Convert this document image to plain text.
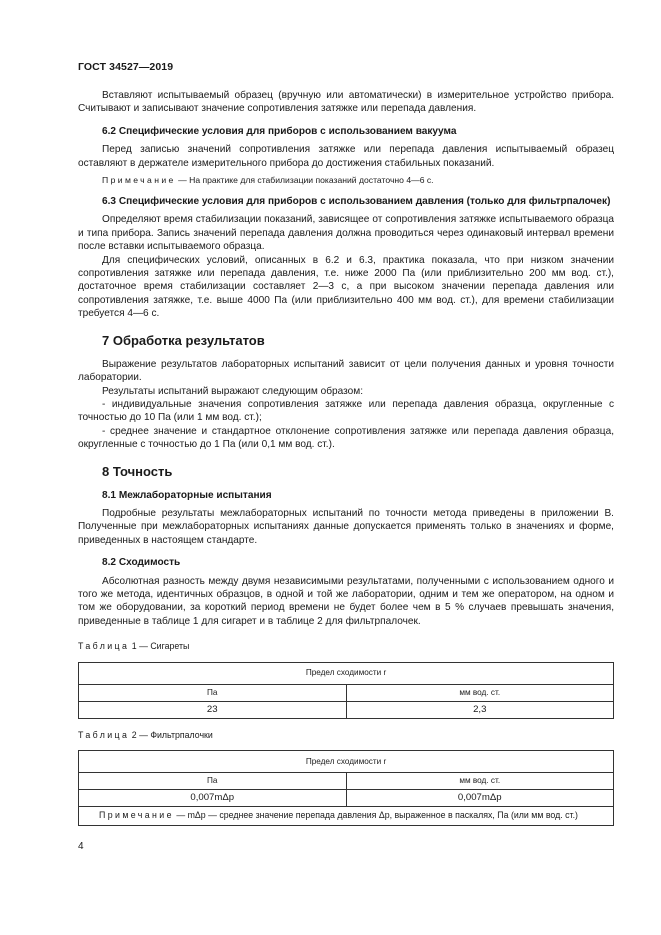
ГОСТ 34527—2019

Вставляют испытываемый образец (вручную или автоматически) в измерительное устройство прибора. Считывают и записывают значение сопротивления затяжке или перепада давления.

6.2 Специфические условия для приборов с использованием вакуума

Перед записью значений сопротивления затяжке или перепада давления испытываемый образец оставляют в держателе измерительного прибора до достижения стабильных показаний.

Примечание — На практике для стабилизации показаний достаточно 4—6 с.

6.3 Специфические условия для приборов с использованием давления (только для фильтрпалочек)

Определяют время стабилизации показаний, зависящее от сопротивления затяжке испытываемого образца и типа прибора. Запись значений перепада давления должна проводиться через одинаковый интервал времени после вставки испытываемого образца.

Для специфических условий, описанных в 6.2 и 6.3, практика показала, что при низком значении сопротивления затяжке или перепада давления, т.е. ниже 2000 Па (или приблизительно 200 мм вод. ст.), достаточное время стабилизации составляет 2—3 с, а при высоком значении перепада давления или сопротивления затяжке, т.е. выше 4000 Па (или приблизительно 400 мм вод. ст.), для времени стабилизации требуется 4—6 с.

7 Обработка результатов

Выражение результатов лабораторных испытаний зависит от цели получения данных и уровня точности лаборатории.

Результаты испытаний выражают следующим образом:

- индивидуальные значения сопротивления затяжке или перепада давления образца, округленные с точностью до 10 Па (или 1 мм вод. ст.);

- среднее значение и стандартное отклонение сопротивления затяжке или перепада давления образца, округленные с точностью до 1 Па (или 0,1 мм вод. ст.).

8 Точность
8.1 Межлабораторные испытания

Подробные результаты межлабораторных испытаний по точности метода приведены в приложении В. Полученные при межлабораторных испытаниях данные допускается применять только в значениях и форме, приведенных в настоящем стандарте.

8.2 Сходимость

Абсолютная разность между двумя независимыми результатами, полученными с использованием одного и того же метода, идентичных образцов, в одной и той же лаборатории, одним и тем же оператором, на одном и том же оборудовании, за короткий период времени не будет более чем в 5 % случаев превышать значения, приведенные в таблице 1 для сигарет и в таблице 2 для фильтрпалочек.

Таблица 1 — Сигареты
Предел сходимости r	
Па	мм вод. ст.
23	2,3
Таблица 2 — Фильтрпалочки
Предел сходимости r	
Па	мм вод. ст.
0,007mΔp	0,007mΔp

Примечание — mΔp — среднее значение перепада давления Δp, выраженное в паскалях, Па (или мм вод. ст.)	
4
